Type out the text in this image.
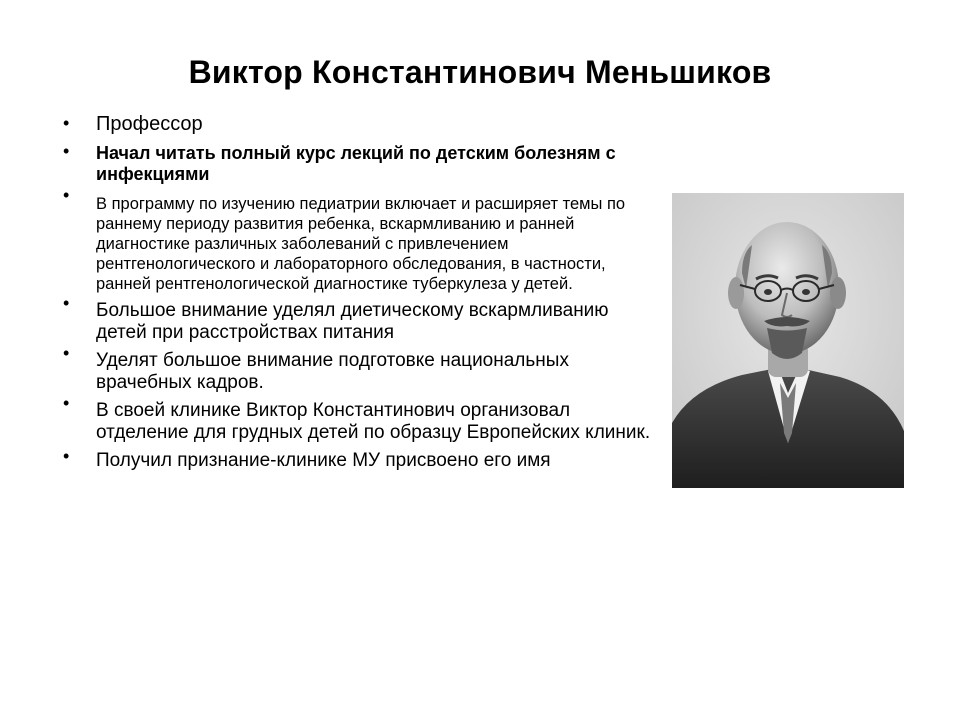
Виктор Константинович Меньшиков
• Профессор
• Начал читать полный курс лекций по детским болезням с инфекциями
• В программу по изучению педиатрии включает и расширяет темы по раннему периоду развития ребенка, вскармливанию и ранней диагностике различных заболеваний с привлечением рентгенологического и лабораторного обследования, в частности, ранней рентгенологической диагностике туберкулеза у детей.
• Большое внимание уделял диетическому вскармливанию детей при расстройствах питания
• Уделят большое внимание подготовке национальных врачебных кадров.
• В своей клинике Виктор Константинович организовал отделение для грудных детей по образцу Европейских клиник.
• Получил признание-клинике МУ присвоено его имя
